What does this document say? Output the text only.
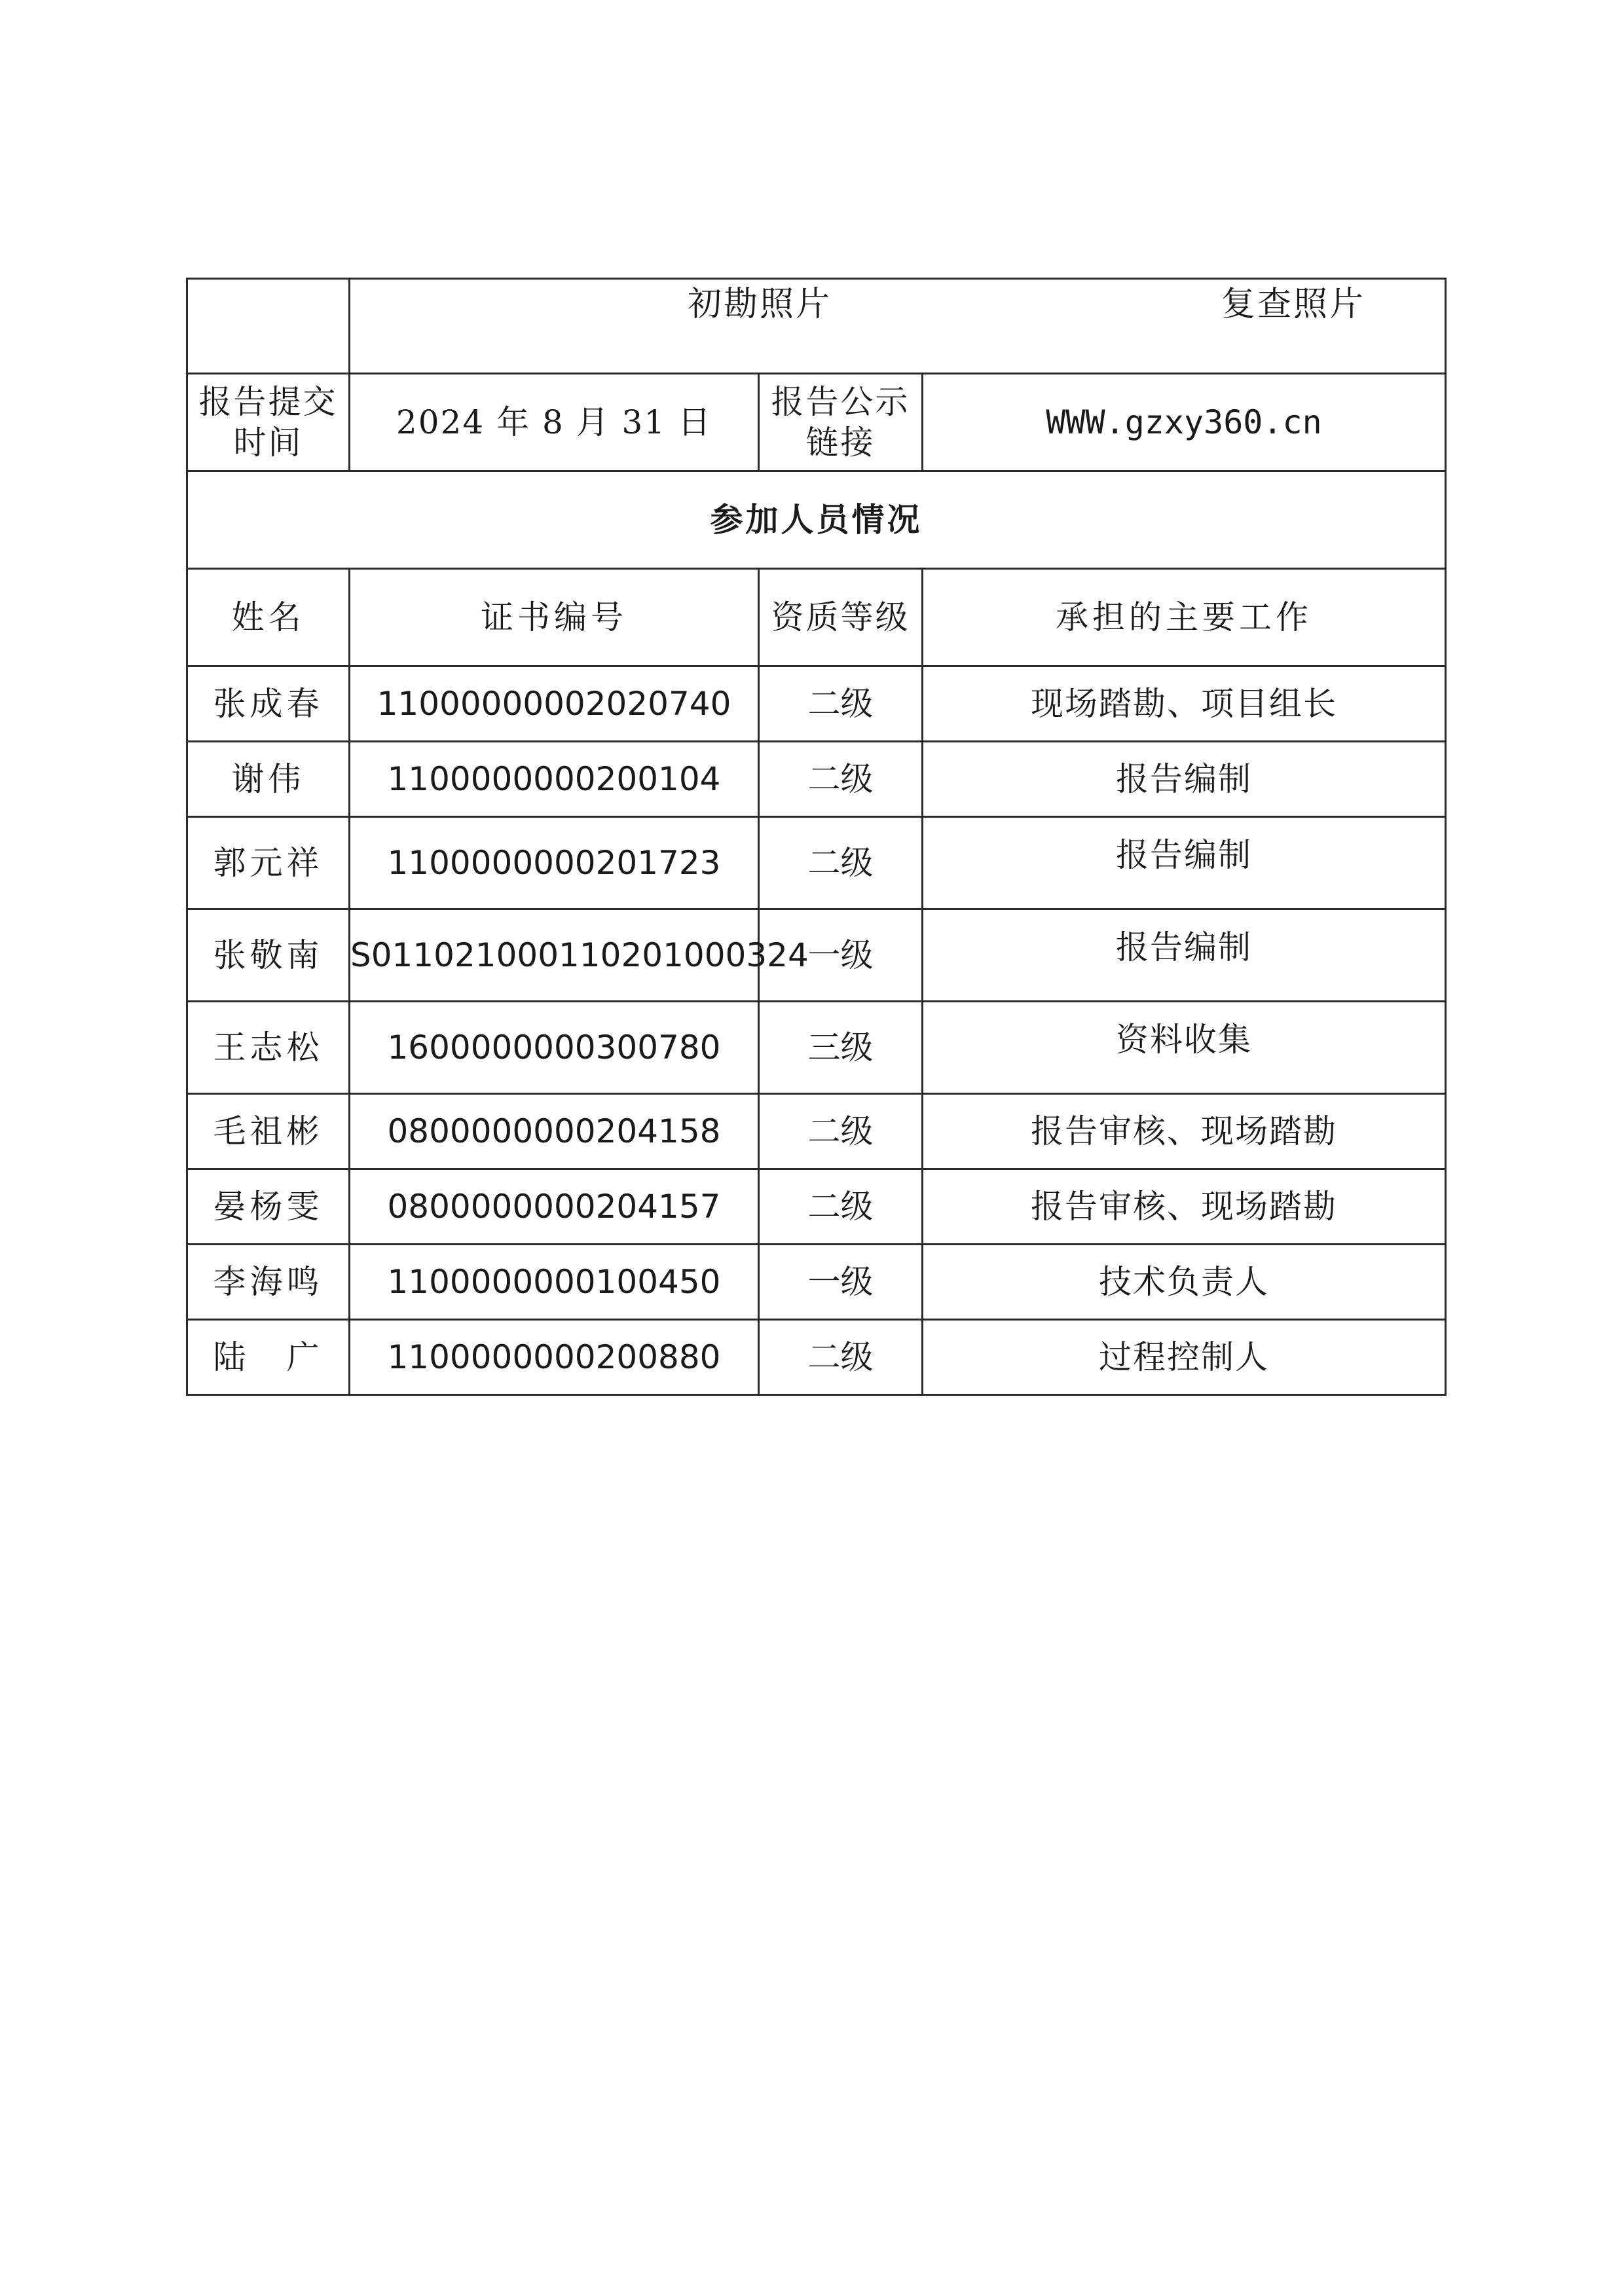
	初勘照片 复查照片		

报告提交时间	2024 年 8 月 31 日	报告公示链接	WWW.gzxy360.cn
参加人员情况			
姓名	证书编号	资质等级	承担的主要工作
张成春	11000000002020740	二级	现场踏勘、项目组长
谢伟	1100000000200104	二级	报告编制
郭元祥	1100000000201723	二级	报告编制
张敬南	S011021000110201000324	一级	报告编制
王志松	1600000000300780	三级	资料收集
毛祖彬	0800000000204158	二级	报告审核、现场踏勘
晏杨雯	0800000000204157	二级	报告审核、现场踏勘
李海鸣	1100000000100450	一级	技术负责人
陆　广	1100000000200880	二级	过程控制人
